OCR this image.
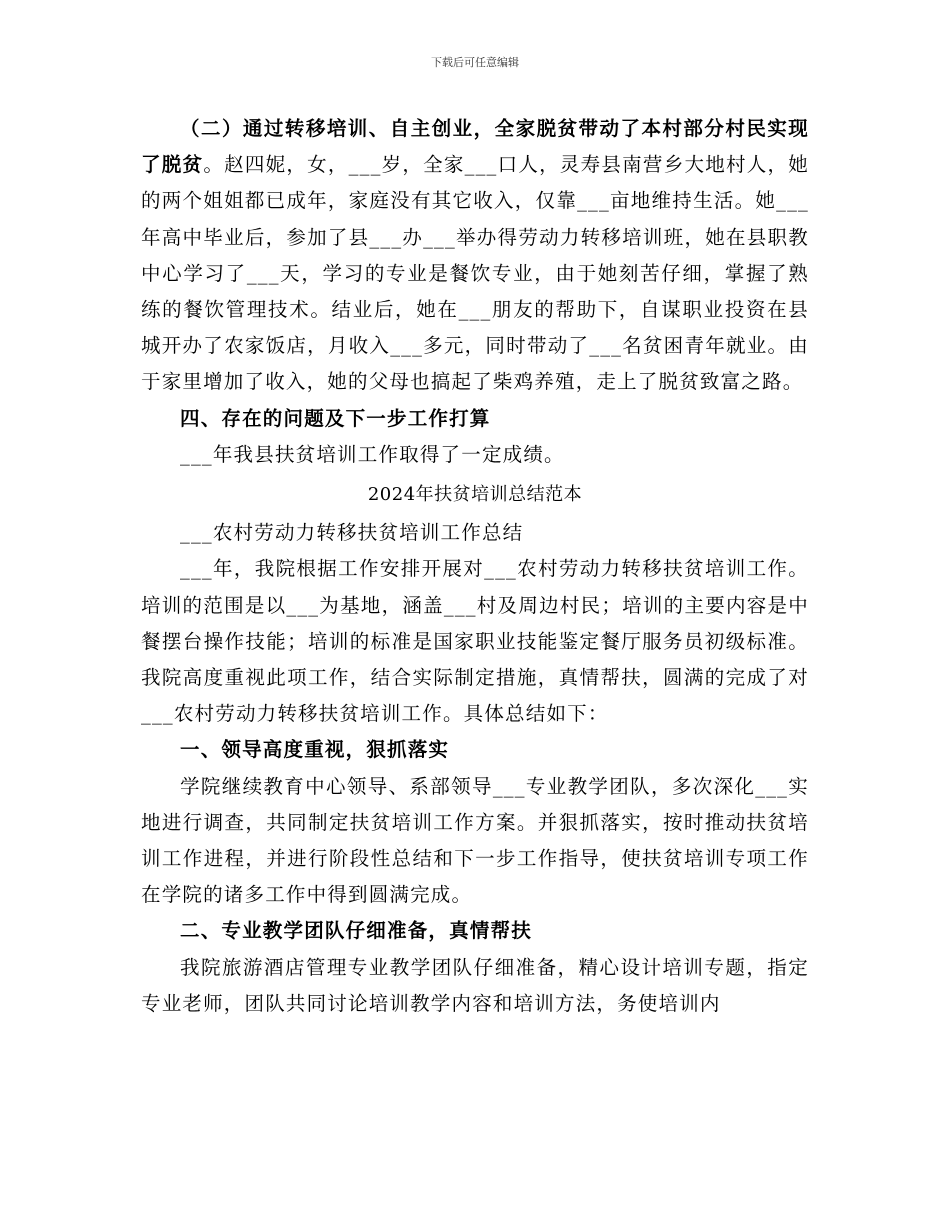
下载后可任意编辑

（二）通过转移培训、自主创业，全家脱贫带动了本村部分村民实现了脱贫。赵四妮，女，___岁，全家___口人，灵寿县南营乡大地村人，她的两个姐姐都已成年，家庭没有其它收入，仅靠___亩地维持生活。她___年高中毕业后，参加了县___办___举办得劳动力转移培训班，她在县职教中心学习了___天，学习的专业是餐饮专业，由于她刻苦仔细，掌握了熟练的餐饮管理技术。结业后，她在___朋友的帮助下，自谋职业投资在县城开办了农家饭店，月收入___多元，同时带动了___名贫困青年就业。由于家里增加了收入，她的父母也搞起了柴鸡养殖，走上了脱贫致富之路。

四、存在的问题及下一步工作打算

___年我县扶贫培训工作取得了一定成绩。

2024年扶贫培训总结范本

___农村劳动力转移扶贫培训工作总结

___年，我院根据工作安排开展对___农村劳动力转移扶贫培训工作。培训的范围是以___为基地，涵盖___村及周边村民；培训的主要内容是中餐摆台操作技能；培训的标准是国家职业技能鉴定餐厅服务员初级标准。我院高度重视此项工作，结合实际制定措施，真情帮扶，圆满的完成了对___农村劳动力转移扶贫培训工作。具体总结如下：

一、领导高度重视，狠抓落实

学院继续教育中心领导、系部领导___专业教学团队，多次深化___实地进行调查，共同制定扶贫培训工作方案。并狠抓落实，按时推动扶贫培训工作进程，并进行阶段性总结和下一步工作指导，使扶贫培训专项工作在学院的诸多工作中得到圆满完成。

二、专业教学团队仔细准备，真情帮扶

我院旅游酒店管理专业教学团队仔细准备，精心设计培训专题，指定专业老师，团队共同讨论培训教学内容和培训方法，务使培训内
